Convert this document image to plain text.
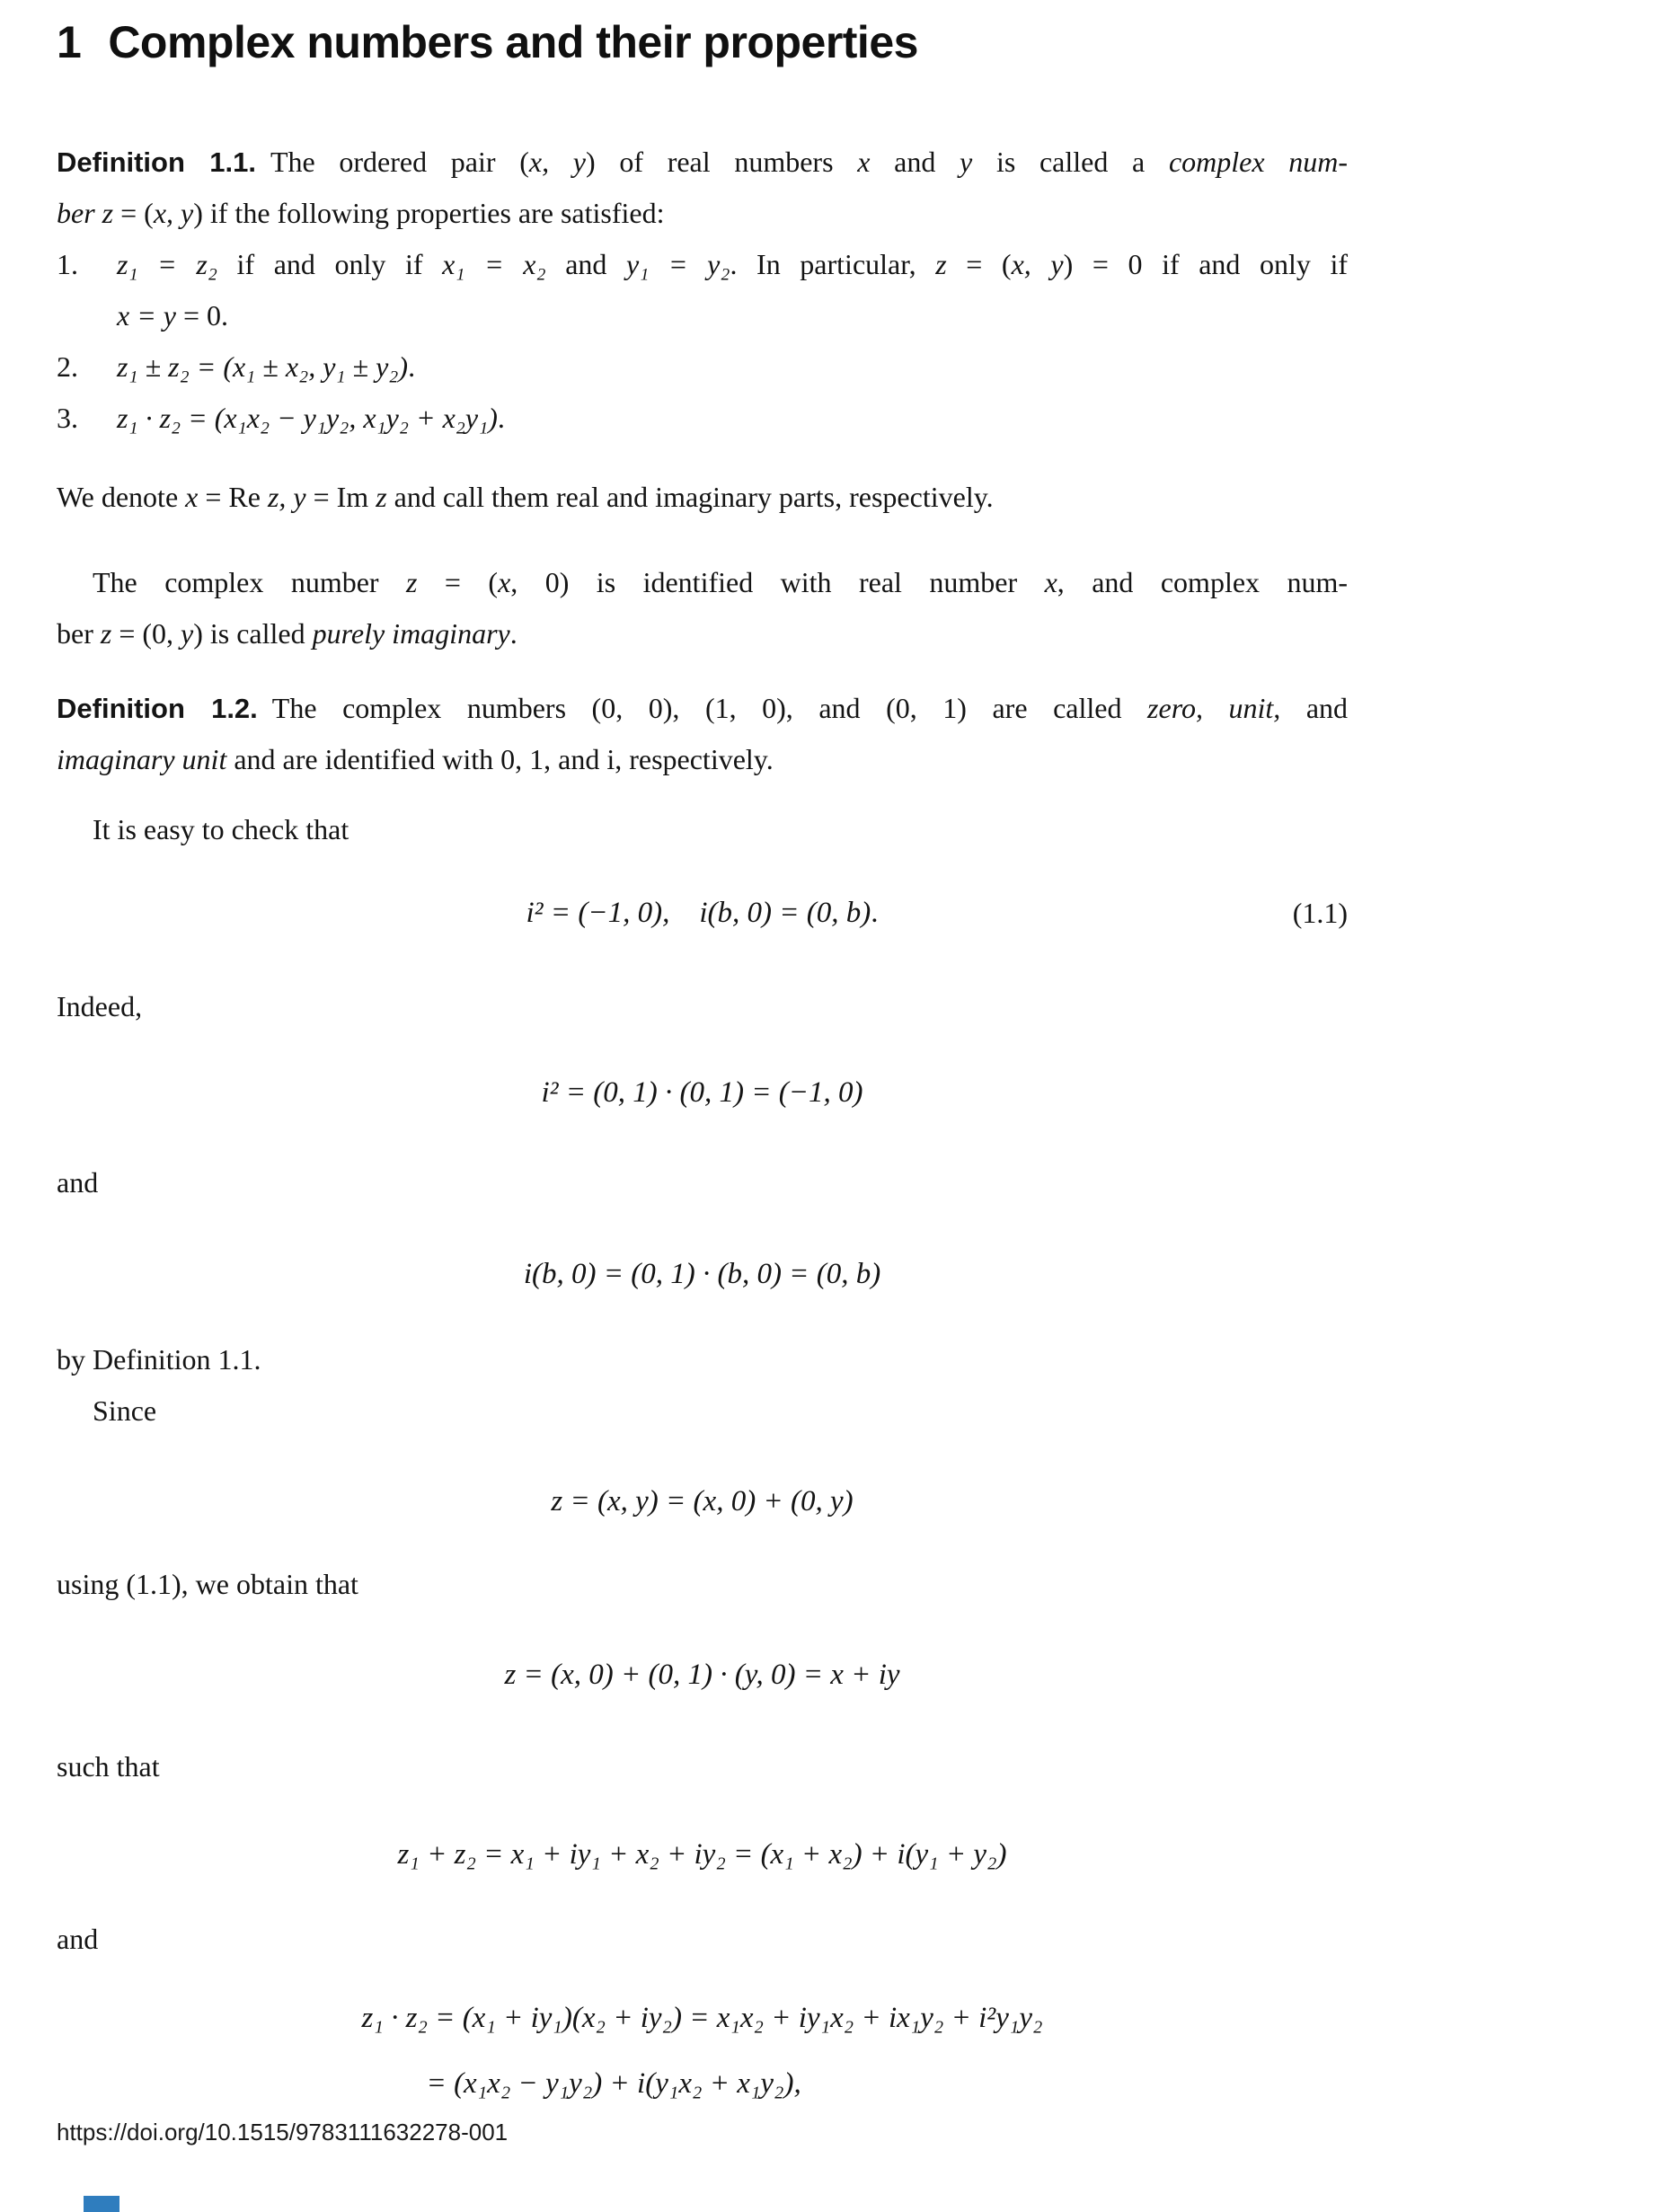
1 Complex numbers and their properties
Definition 1.1. The ordered pair (x, y) of real numbers x and y is called a complex num-
ber z = (x, y) if the following properties are satisfied:
1.	z₁ = z₂ if and only if x₁ = x₂ and y₁ = y₂. In particular, z = (x, y) = 0 if and only if
x = y = 0.
2.	z₁ ± z₂ = (x₁ ± x₂, y₁ ± y₂).
3.	z₁ · z₂ = (x₁x₂ − y₁y₂, x₁y₂ + x₂y₁).
We denote x = Re z, y = Im z and call them real and imaginary parts, respectively.
The complex number z = (x, 0) is identified with real number x, and complex num-
ber z = (0, y) is called purely imaginary.
Definition 1.2. The complex numbers (0, 0), (1, 0), and (0, 1) are called zero, unit, and
imaginary unit and are identified with 0, 1, and i, respectively.
It is easy to check that
i² = (−1, 0),  i(b, 0) = (0, b).	(1.1)
Indeed,
i² = (0, 1) · (0, 1) = (−1, 0)
and
i(b, 0) = (0, 1) · (b, 0) = (0, b)
by Definition 1.1.
Since
z = (x, y) = (x, 0) + (0, y)
using (1.1), we obtain that
z = (x, 0) + (0, 1) · (y, 0) = x + iy
such that
z₁ + z₂ = x₁ + iy₁ + x₂ + iy₂ = (x₁ + x₂) + i(y₁ + y₂)
and
z₁ · z₂ = (x₁ + iy₁)(x₂ + iy₂) = x₁x₂ + iy₁x₂ + ix₁y₂ + i²y₁y₂
= (x₁x₂ − y₁y₂) + i(y₁x₂ + x₁y₂),
https://doi.org/10.1515/9783111632278-001
